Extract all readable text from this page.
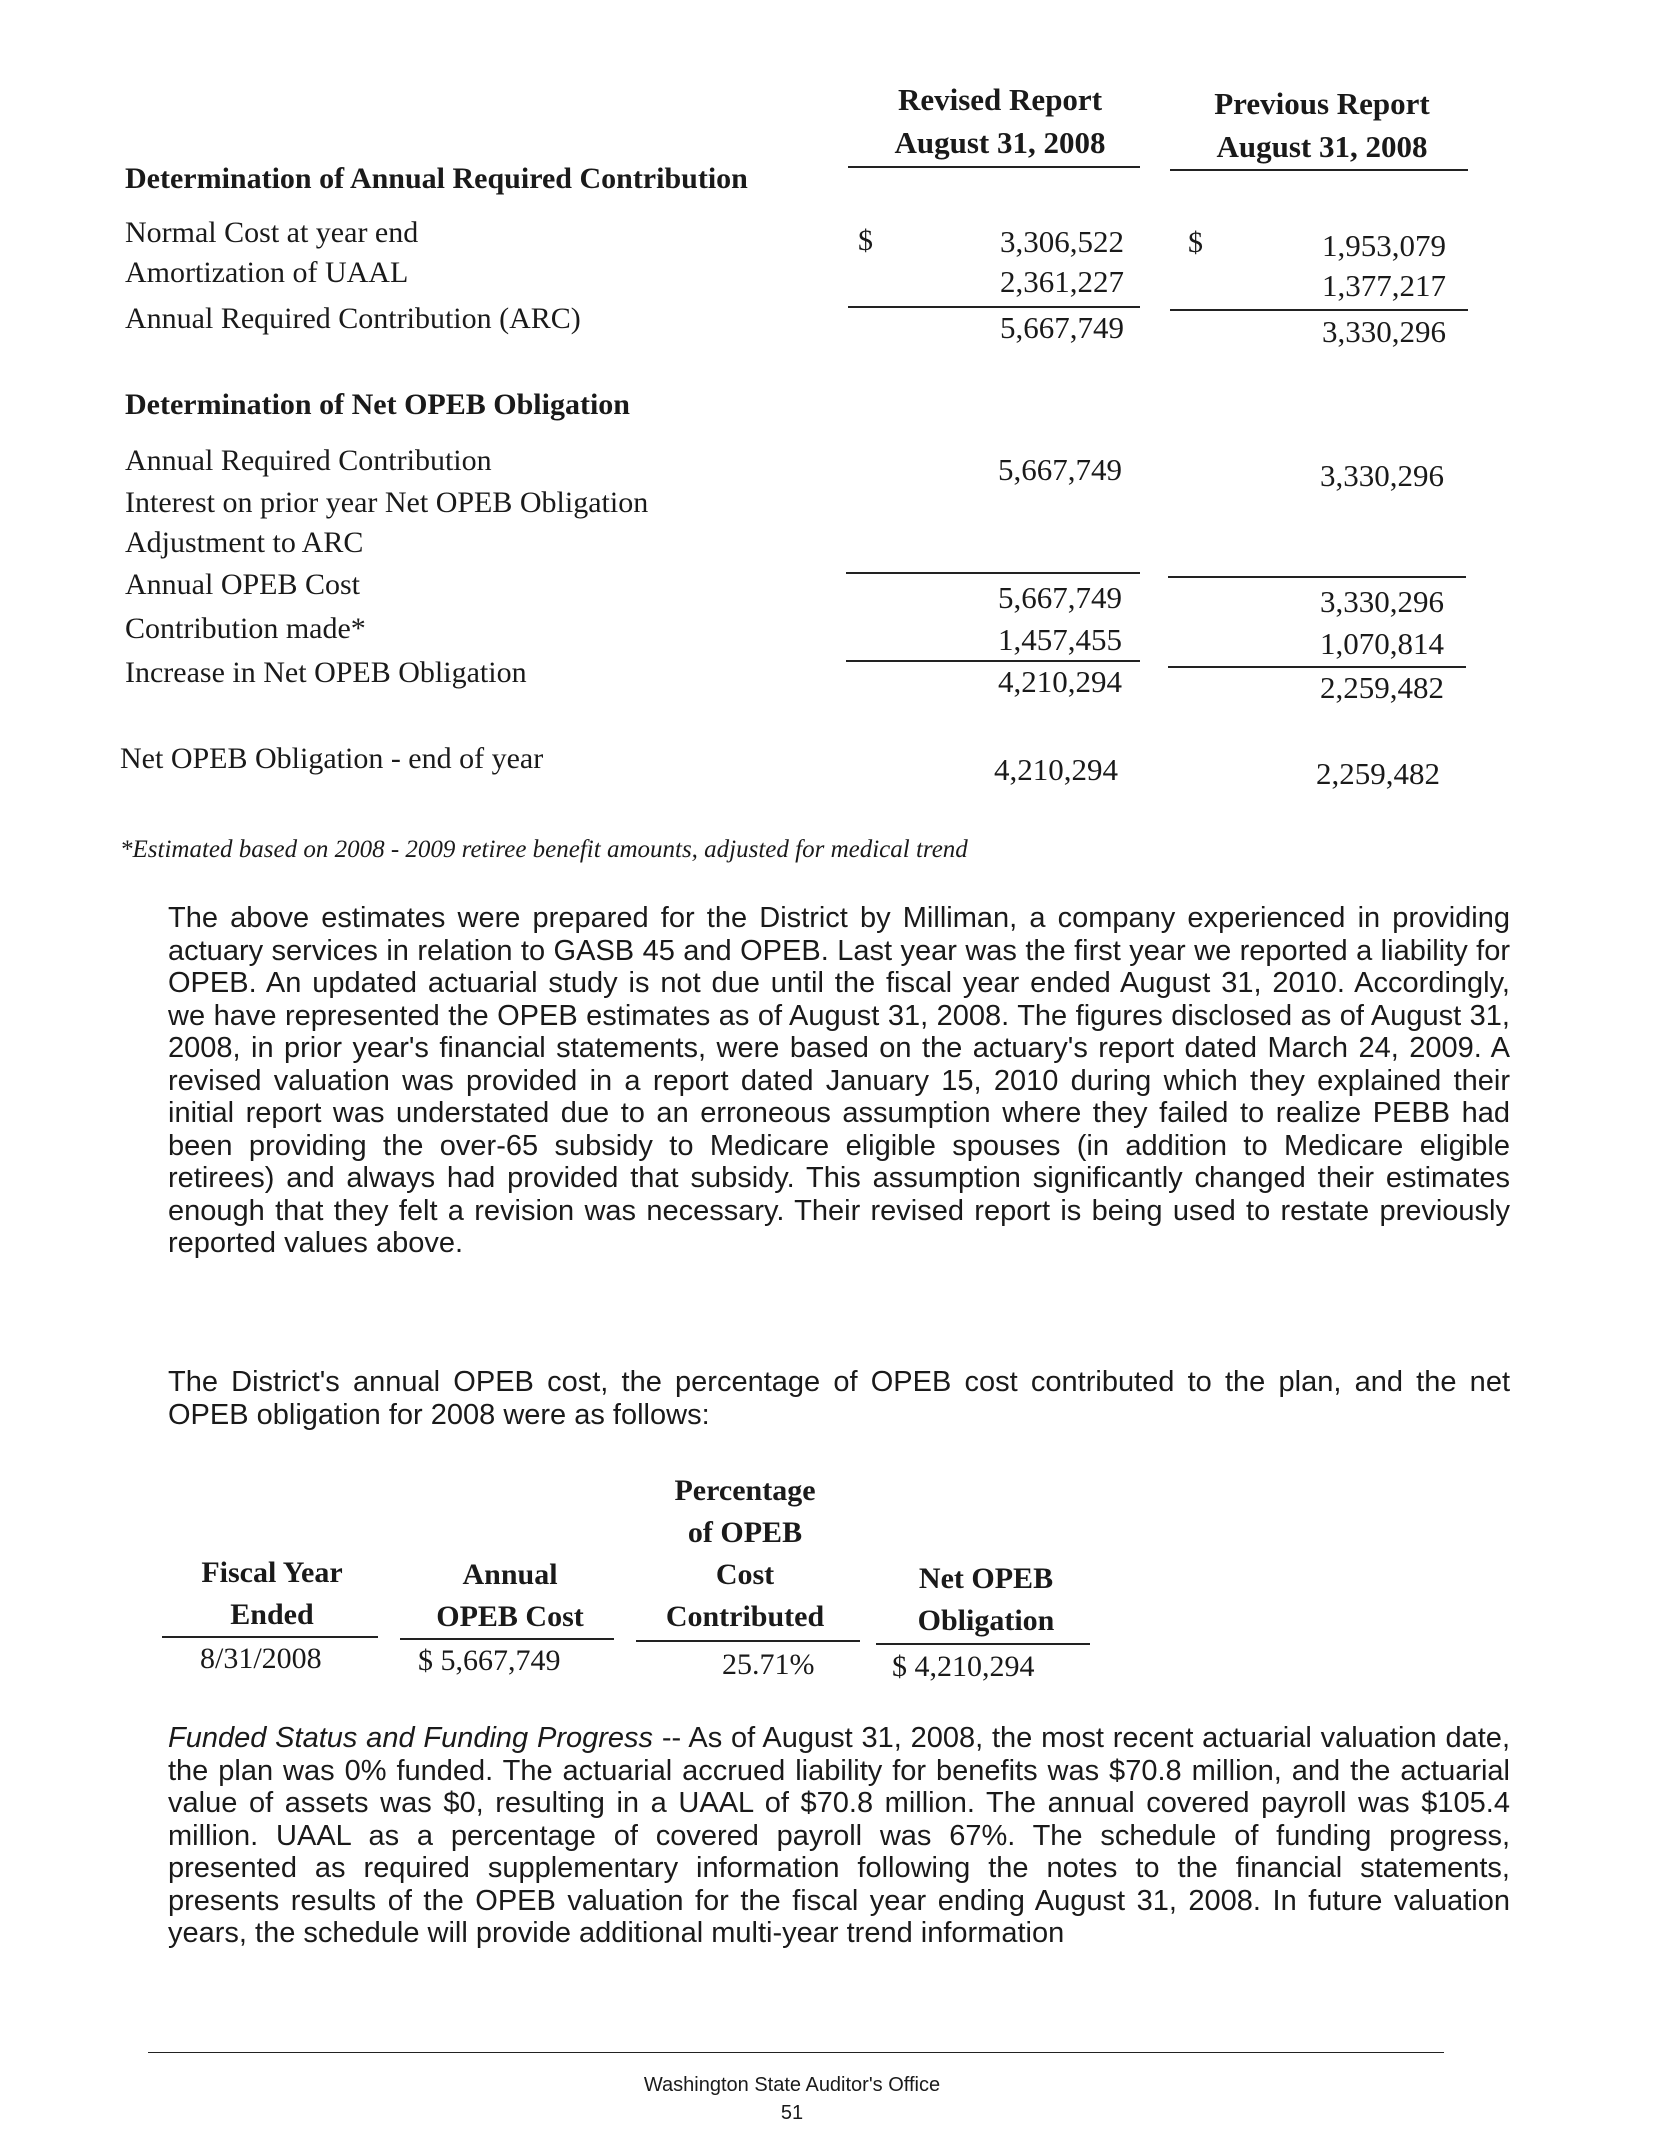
Revised Report
August 31, 2008
Previous Report
August 31, 2008
Determination of Annual Required Contribution
Normal Cost at year end	$	3,306,522 $	1,953,079
Amortization of UAAL	2,361,227	1,377,217
Annual Required Contribution (ARC)	5,667,749	3,330,296
Determination of Net OPEB Obligation
Annual Required Contribution	5,667,749	3,330,296
Interest on prior year Net OPEB Obligation
Adjustment to ARC
Annual OPEB Cost	5,667,749	3,330,296
Contribution made*	1,457,455	1,070,814
Increase in Net OPEB Obligation	4,210,294	2,259,482
Net OPEB Obligation - end of year	4,210,294	2,259,482
*Estimated based on 2008 - 2009 retiree benefit amounts, adjusted for medical trend
The above estimates were prepared for the District by Milliman, a company experienced in providing actuary services in relation to GASB 45 and OPEB. Last year was the first year we reported a liability for OPEB. An updated actuarial study is not due until the fiscal year ended August 31, 2010. Accordingly, we have represented the OPEB estimates as of August 31, 2008. The figures disclosed as of August 31, 2008, in prior year's financial statements, were based on the actuary's report dated March 24, 2009. A revised valuation was provided in a report dated January 15, 2010 during which they explained their initial report was understated due to an erroneous assumption where they failed to realize PEBB had been providing the over-65 subsidy to Medicare eligible spouses (in addition to Medicare eligible retirees) and always had provided that subsidy. This assumption significantly changed their estimates enough that they felt a revision was necessary. Their revised report is being used to restate previously reported values above.
The District's annual OPEB cost, the percentage of OPEB cost contributed to the plan, and the net OPEB obligation for 2008 were as follows:
Fiscal Year
Ended
Annual
OPEB Cost
Percentage
of OPEB
Cost
Contributed
Net OPEB
Obligation
8/31/2008	$ 5,667,749	25.71%	$ 4,210,294
Funded Status and Funding Progress -- As of August 31, 2008, the most recent actuarial valuation date, the plan was 0% funded. The actuarial accrued liability for benefits was $70.8 million, and the actuarial value of assets was $0, resulting in a UAAL of $70.8 million. The annual covered payroll was $105.4 million. UAAL as a percentage of covered payroll was 67%. The schedule of funding progress, presented as required supplementary information following the notes to the financial statements, presents results of the OPEB valuation for the fiscal year ending August 31, 2008. In future valuation years, the schedule will provide additional multi-year trend information
Washington State Auditor's Office
51
